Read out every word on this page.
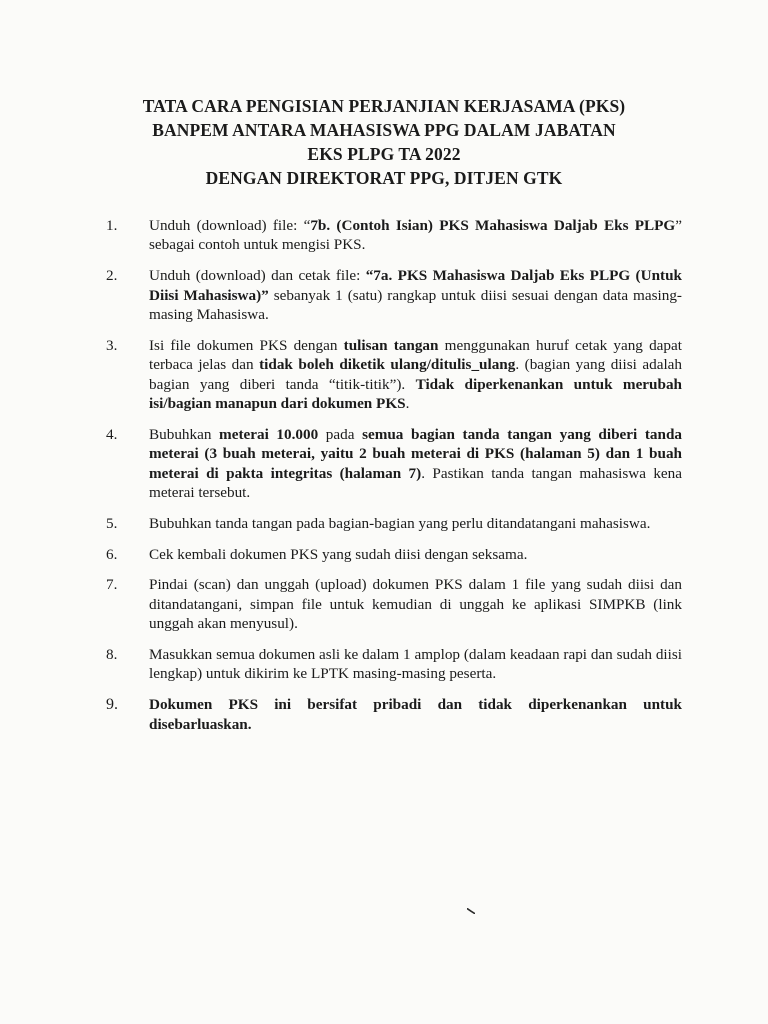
TATA CARA PENGISIAN PERJANJIAN KERJASAMA (PKS)
BANPEM ANTARA MAHASISWA PPG DALAM JABATAN
EKS PLPG TA 2022
DENGAN DIREKTORAT PPG, DITJEN GTK
1. Unduh (download) file: “7b. (Contoh Isian) PKS Mahasiswa Daljab Eks PLPG” sebagai contoh untuk mengisi PKS.
2. Unduh (download) dan cetak file: “7a. PKS Mahasiswa Daljab Eks PLPG (Untuk Diisi Mahasiswa)” sebanyak 1 (satu) rangkap untuk diisi sesuai dengan data masing-masing Mahasiswa.
3. Isi file dokumen PKS dengan tulisan tangan menggunakan huruf cetak yang dapat terbaca jelas dan tidak boleh diketik ulang/ditulis_ulang. (bagian yang diisi adalah bagian yang diberi tanda “titik-titik”). Tidak diperkenankan untuk merubah isi/bagian manapun dari dokumen PKS.
4. Bubuhkan meterai 10.000 pada semua bagian tanda tangan yang diberi tanda meterai (3 buah meterai, yaitu 2 buah meterai di PKS (halaman 5) dan 1 buah meterai di pakta integritas (halaman 7). Pastikan tanda tangan mahasiswa kena meterai tersebut.
5. Bubuhkan tanda tangan pada bagian-bagian yang perlu ditandatangani mahasiswa.
6. Cek kembali dokumen PKS yang sudah diisi dengan seksama.
7. Pindai (scan) dan unggah (upload) dokumen PKS dalam 1 file yang sudah diisi dan ditandatangani, simpan file untuk kemudian di unggah ke aplikasi SIMPKB (link unggah akan menyusul).
8. Masukkan semua dokumen asli ke dalam 1 amplop (dalam keadaan rapi dan sudah diisi lengkap) untuk dikirim ke LPTK masing-masing peserta.
9. Dokumen PKS ini bersifat pribadi dan tidak diperkenankan untuk disebarluaskan.
